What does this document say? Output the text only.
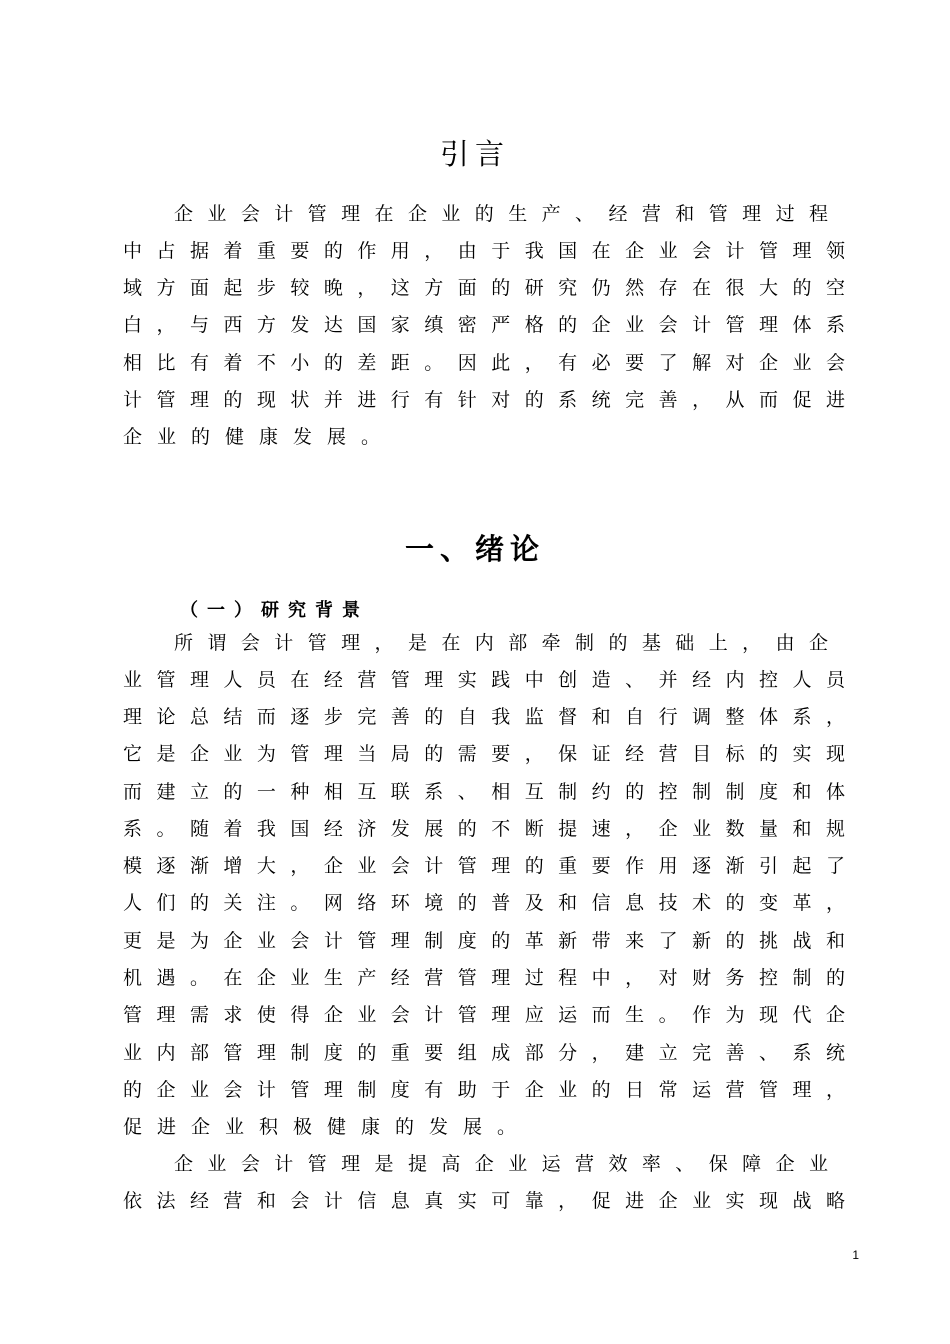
引言
企 业 会 计 管 理 在 企 业 的 生 产 、 经 营 和 管 理 过 程
中 占 据 着 重 要 的 作 用 ， 由 于 我 国 在 企 业 会 计 管 理 领
域 方 面 起 步 较 晚 ， 这 方 面 的 研 究 仍 然 存 在 很 大 的 空
白 ， 与 西 方 发 达 国 家 缜 密 严 格 的 企 业 会 计 管 理 体 系
相 比 有 着 不 小 的 差 距 。 因 此 ， 有 必 要 了 解 对 企 业 会
计 管 理 的 现 状 并 进 行 有 针 对 的 系 统 完 善 ， 从 而 促 进
企业的健康发展。
一、绪论
（一）研究背景
所 谓 会 计 管 理 ， 是 在 内 部 牵 制 的 基 础 上 ， 由 企
业 管 理 人 员 在 经 营 管 理 实 践 中 创 造 、 并 经 内 控 人 员
理 论 总 结 而 逐 步 完 善 的 自 我 监 督 和 自 行 调 整 体 系 ，
它 是 企 业 为 管 理 当 局 的 需 要 ， 保 证 经 营 目 标 的 实 现
而 建 立 的 一 种 相 互 联 系 、 相 互 制 约 的 控 制 制 度 和 体
系 。 随 着 我 国 经 济 发 展 的 不 断 提 速 ， 企 业 数 量 和 规
模 逐 渐 增 大 ， 企 业 会 计 管 理 的 重 要 作 用 逐 渐 引 起 了
人 们 的 关 注 。 网 络 环 境 的 普 及 和 信 息 技 术 的 变 革 ，
更 是 为 企 业 会 计 管 理 制 度 的 革 新 带 来 了 新 的 挑 战 和
机 遇 。 在 企 业 生 产 经 营 管 理 过 程 中 ， 对 财 务 控 制 的
管 理 需 求 使 得 企 业 会 计 管 理 应 运 而 生 。 作 为 现 代 企
业 内 部 管 理 制 度 的 重 要 组 成 部 分 ， 建 立 完 善 、 系 统
的 企 业 会 计 管 理 制 度 有 助 于 企 业 的 日 常 运 营 管 理 ，
促进企业积极健康的发展。
企 业 会 计 管 理 是 提 高 企 业 运 营 效 率 、 保 障 企 业
依 法 经 营 和 会 计 信 息 真 实 可 靠 ， 促 进 企 业 实 现 战 略
1
